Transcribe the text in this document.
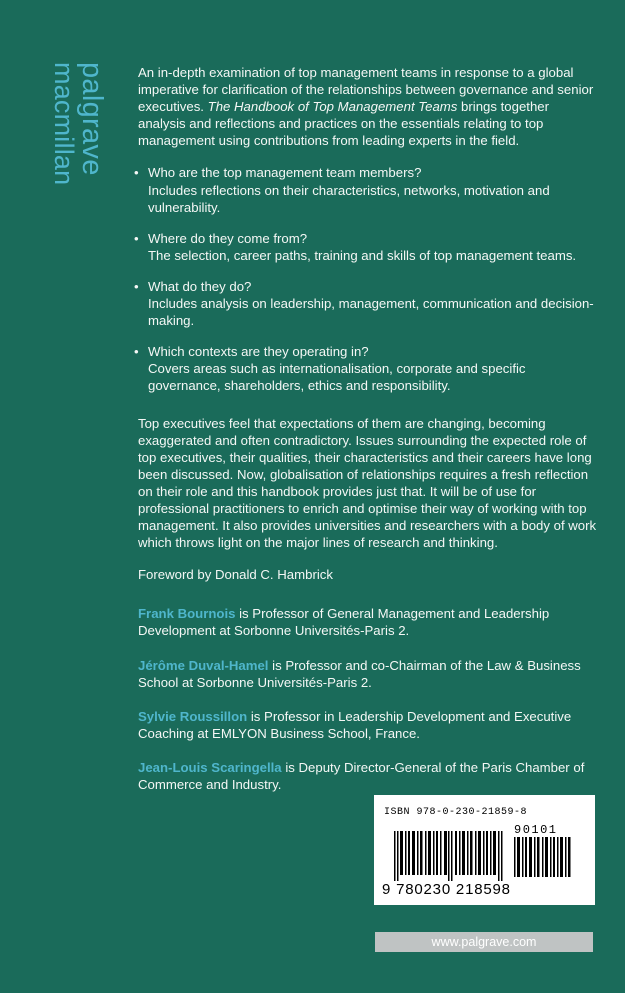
palgrave
macmillan	An in-depth examination of top management teams in response to a global imperative for clarification of the relationships between governance and senior executives. The Handbook of Top Management Teams brings together analysis and reflections and practices on the essentials relating to top management using contributions from leading experts in the field.

• Who are the top management team members?
Includes reflections on their characteristics, networks, motivation and vulnerability.
• Where do they come from?
The selection, career paths, training and skills of top management teams.
• What do they do?
Includes analysis on leadership, management, communication and decision-making.
• Which contexts are they operating in?
Covers areas such as internationalisation, corporate and specific governance, shareholders, ethics and responsibility.

Top executives feel that expectations of them are changing, becoming exaggerated and often contradictory. Issues surrounding the expected role of top executives, their qualities, their characteristics and their careers have long been discussed. Now, globalisation of relationships requires a fresh reflection on their role and this handbook provides just that. It will be of use for professional practitioners to enrich and optimise their way of working with top management. It also provides universities and researchers with a body of work which throws light on the major lines of research and thinking.

Foreword by Donald C. Hambrick

Frank Bournois is Professor of General Management and Leadership Development at Sorbonne Universités-Paris 2.

Jérôme Duval-Hamel is Professor and co-Chairman of the Law & Business School at Sorbonne Universités-Paris 2.

Sylvie Roussillon is Professor in Leadership Development and Executive Coaching at EMLYON Business School, France.

Jean-Louis Scaringella is Deputy Director-General of the Paris Chamber of Commerce and Industry.

ISBN 978-0-230-21859-8
90101
9 780230 218598
www.palgrave.com
